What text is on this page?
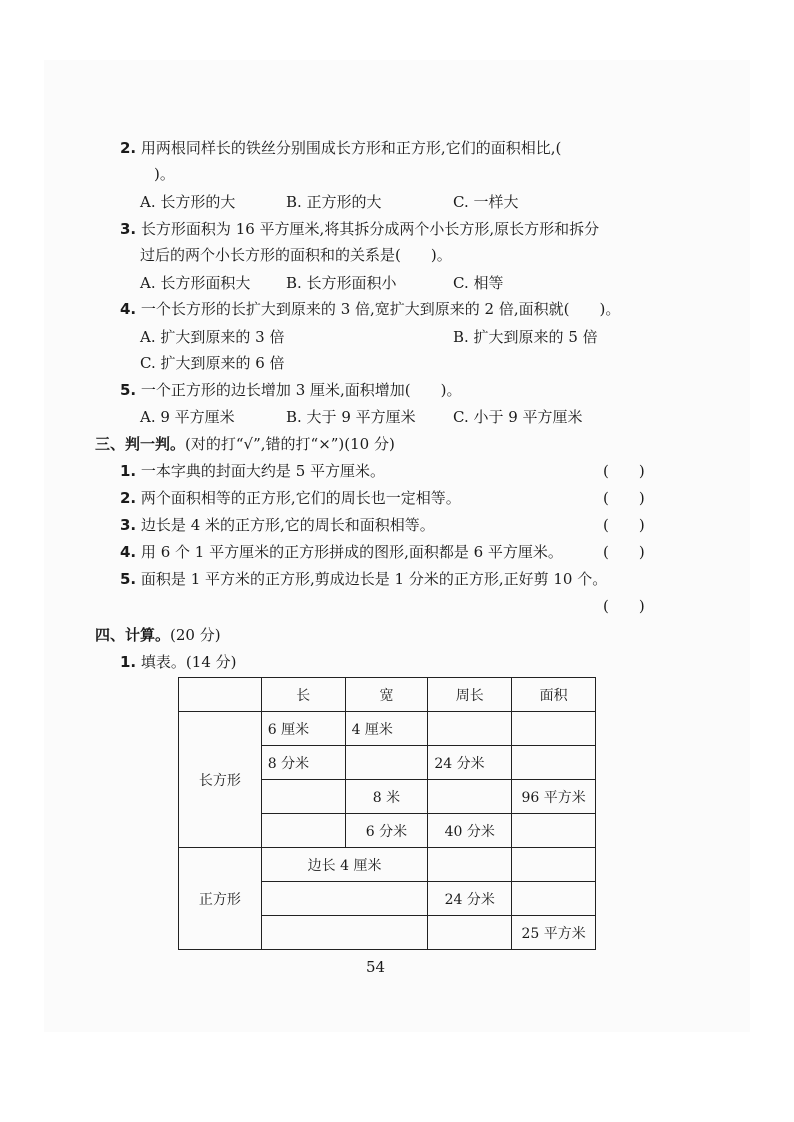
2. 用两根同样长的铁丝分别围成长方形和正方形,它们的面积相比,(
)。
A. 长方形的大	B. 正方形的大	C. 一样大
3. 长方形面积为 16 平方厘米,将其拆分成两个小长方形,原长方形和拆分
过后的两个小长方形的面积和的关系是(　　)。
A. 长方形面积大 B. 长方形面积小	C. 相等
4. 一个长方形的长扩大到原来的 3 倍,宽扩大到原来的 2 倍,面积就(　　)。
A. 扩大到原来的 3 倍	B. 扩大到原来的 5 倍
C. 扩大到原来的 6 倍
5. 一个正方形的边长增加 3 厘米,面积增加(　　)。
A. 9 平方厘米	B. 大于 9 平方厘米 C. 小于 9 平方厘米
三、判一判。(对的打“√”,错的打“×”)(10 分)
1. 一本字典的封面大约是 5 平方厘米。	(　　)
2. 两个面积相等的正方形,它们的周长也一定相等。	(　　)
3. 边长是 4 米的正方形,它的周长和面积相等。	(　　)
4. 用 6 个 1 平方厘米的正方形拼成的图形,面积都是 6 平方厘米。	(　　)
5. 面积是 1 平方米的正方形,剪成边长是 1 分米的正方形,正好剪 10 个。
(　　)
四、计算。(20 分)
1. 填表。(14 分)
	长	宽	周长	面积
长方形	6 厘米	4 厘米		
	8 分米		24 分米	
		8 米		96 平方米
		6 分米	40 分米	
正方形	边长 4 厘米			
			24 分米	
				25 平方米
54
